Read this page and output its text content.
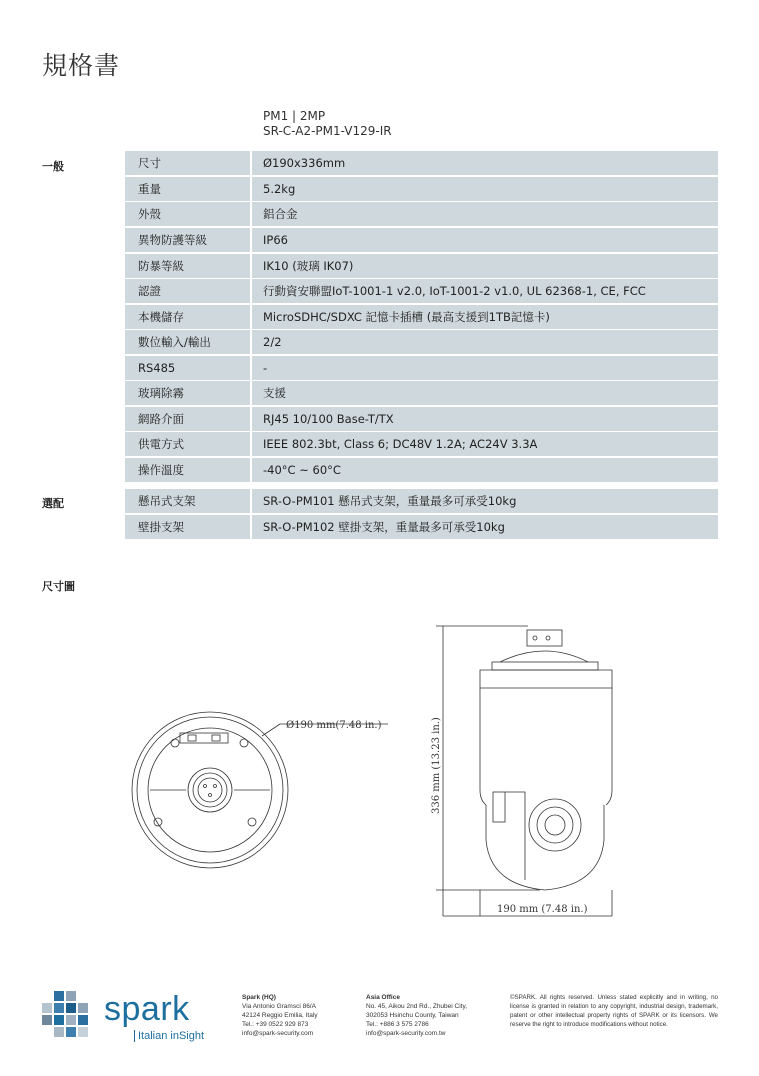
規格書
PM1 | 2MP
SR-C-A2-PM1-V129-IR
一般
選配
尺寸	Ø190x336mm
重量	5.2kg
外殼	鋁合金
異物防護等級	IP66
防暴等級	IK10 (玻璃 IK07)
認證	行動資安聯盟IoT-1001-1 v2.0, IoT-1001-2 v1.0, UL 62368-1, CE, FCC
本機儲存	MicroSDHC/SDXC 記憶卡插槽 (最高支援到1TB記憶卡)
數位輸入/輸出	2/2
RS485	-
玻璃除霧	支援
網路介面	RJ45 10/100 Base-T/TX
供電方式	IEEE 802.3bt, Class 6; DC48V 1.2A; AC24V 3.3A
操作溫度	-40°C ~ 60°C
懸吊式支架	SR-O-PM101 懸吊式支架，重量最多可承受10kg
壁掛支架	SR-O-PM102 壁掛支架，重量最多可承受10kg
尺寸圖
Ø190 mm(7.48 in.)	336 mm (13.23 in.)
190 mm (7.48 in.)
spark
Italian inSight
Spark (HQ)
Via Antonio Gramsci 86/A
42124 Reggio Emilia, Italy
Tel.: +39 0522 929 873
info@spark-security.com
Asia Office
No. 45, Aikou 2nd Rd., Zhubei City,
302053 Hsinchu County, Taiwan
Tel.: +886 3 575 2786
info@spark-security.com.tw
©SPARK. All rights reserved. Unless stated explicitly and in writing, no license is granted in relation to any copyright, industrial design, trademark, patent or other intellectual property rights of SPARK or its licensors. We reserve the right to introduce modifications without notice.
